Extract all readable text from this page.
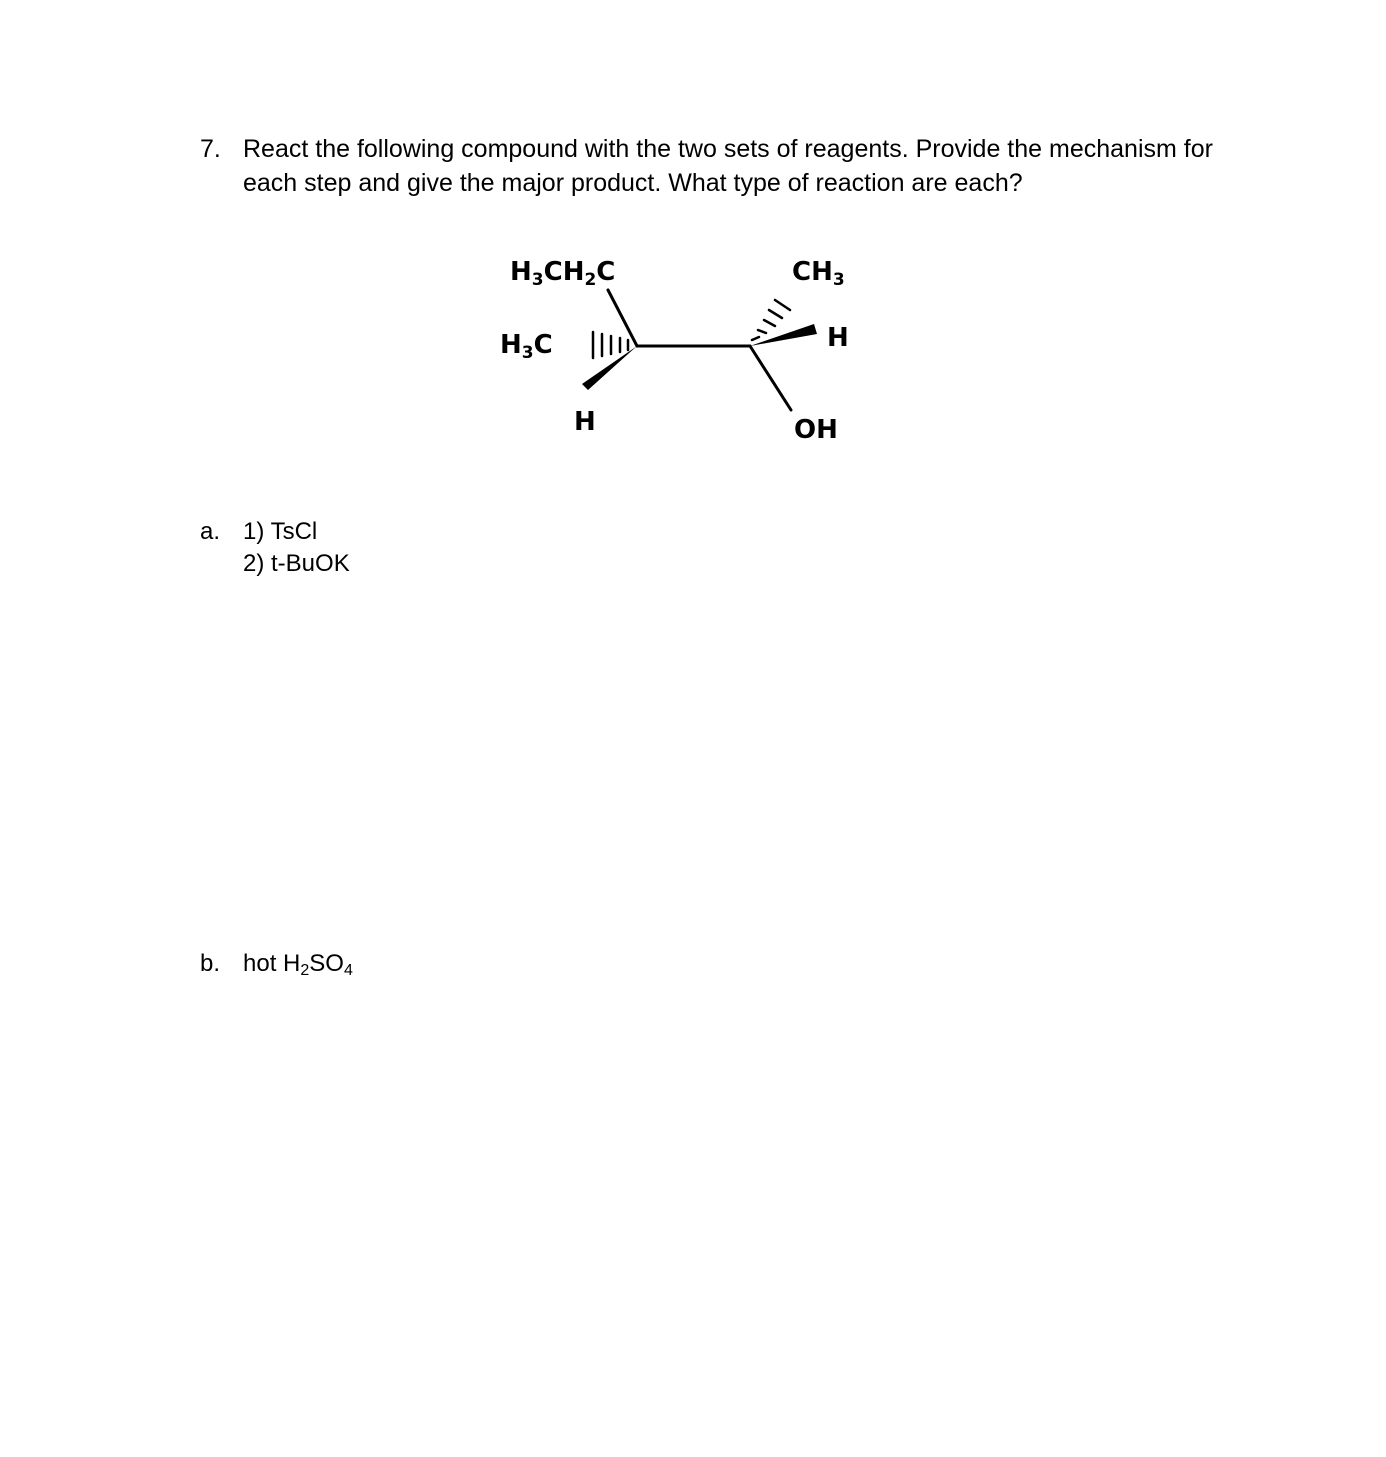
7. React the following compound with the two sets of reagents. Provide the mechanism for each step and give the major product. What type of reaction are each?
H3CH2C
H3C
H
CH3
H
OH
a. 1) TsCl
2) t-BuOK
b. hot $H_2SO_4$
